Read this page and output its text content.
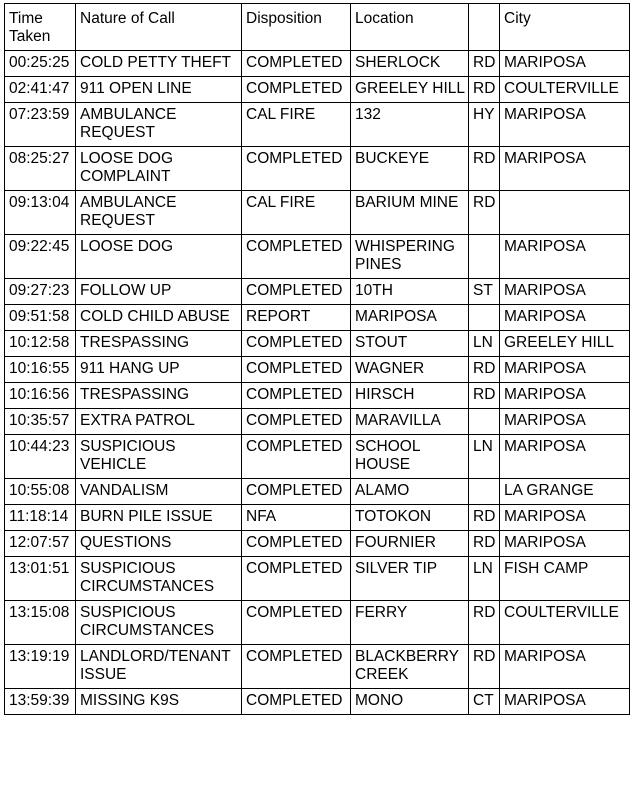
Time
Taken	Nature of Call	Disposition	Location		City
00:25:25	COLD PETTY THEFT	COMPLETED	SHERLOCK	RD	MARIPOSA
02:41:47	911 OPEN LINE	COMPLETED	GREELEY HILL	RD	COULTERVILLE
07:23:59	AMBULANCE REQUEST	CAL FIRE	132	HY	MARIPOSA
08:25:27	LOOSE DOG COMPLAINT	COMPLETED	BUCKEYE	RD	MARIPOSA
09:13:04	AMBULANCE REQUEST	CAL FIRE	BARIUM MINE	RD	
09:22:45	LOOSE DOG	COMPLETED	WHISPERING PINES		MARIPOSA
09:27:23	FOLLOW UP	COMPLETED	10TH	ST	MARIPOSA
09:51:58	COLD CHILD ABUSE	REPORT	MARIPOSA		MARIPOSA
10:12:58	TRESPASSING	COMPLETED	STOUT	LN	GREELEY HILL
10:16:55	911 HANG UP	COMPLETED	WAGNER	RD	MARIPOSA
10:16:56	TRESPASSING	COMPLETED	HIRSCH	RD	MARIPOSA
10:35:57	EXTRA PATROL	COMPLETED	MARAVILLA		MARIPOSA
10:44:23	SUSPICIOUS VEHICLE	COMPLETED	SCHOOL HOUSE	LN	MARIPOSA
10:55:08	VANDALISM	COMPLETED	ALAMO		LA GRANGE
11:18:14	BURN PILE ISSUE	NFA	TOTOKON	RD	MARIPOSA
12:07:57	QUESTIONS	COMPLETED	FOURNIER	RD	MARIPOSA
13:01:51	SUSPICIOUS CIRCUMSTANCES	COMPLETED	SILVER TIP	LN	FISH CAMP
13:15:08	SUSPICIOUS CIRCUMSTANCES	COMPLETED	FERRY	RD	COULTERVILLE
13:19:19	LANDLORD/TENANT ISSUE	COMPLETED	BLACKBERRY CREEK	RD	MARIPOSA
13:59:39	MISSING K9S	COMPLETED	MONO	CT	MARIPOSA
